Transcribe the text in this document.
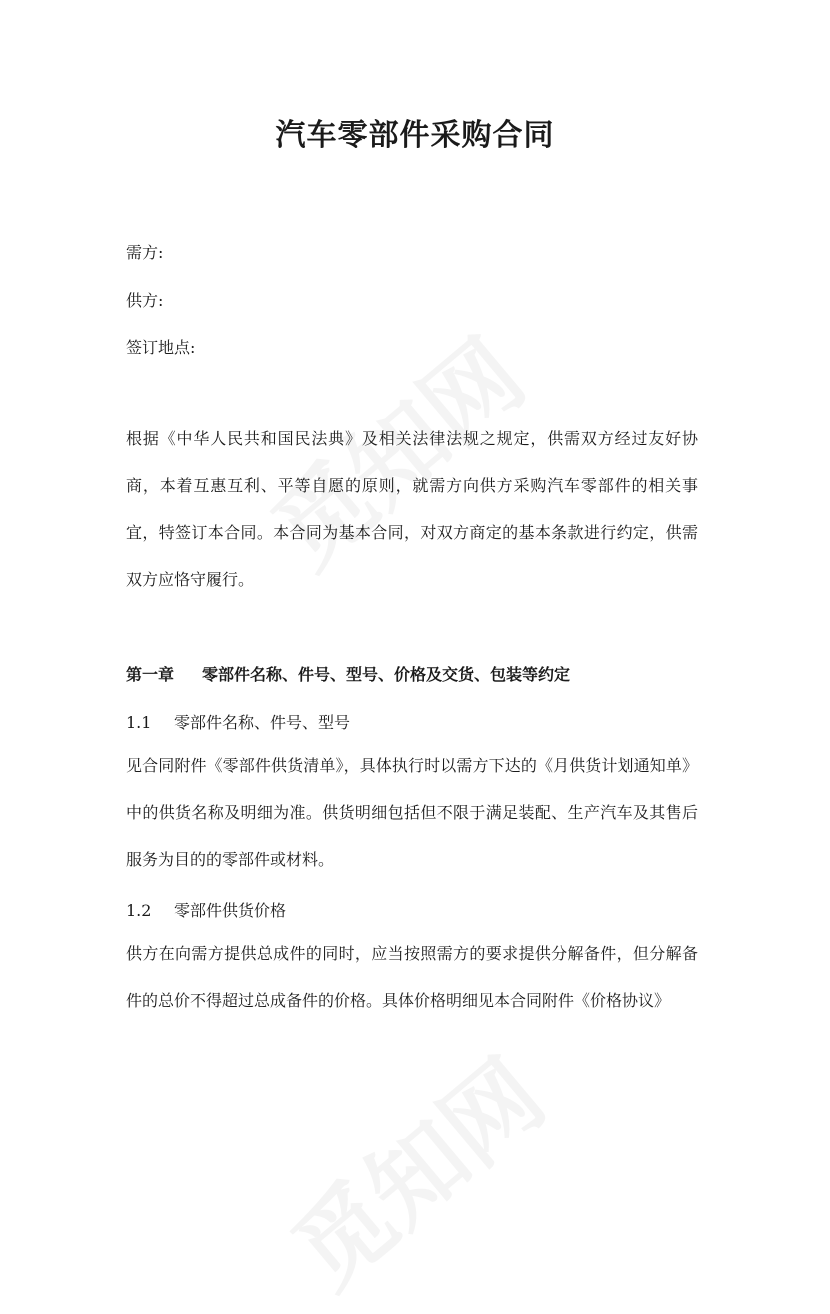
汽车零部件采购合同
需方:
供方:
签订地点:

根据《中华人民共和国民法典》及相关法律法规之规定，供需双方经过友好协商，本着互惠互利、平等自愿的原则，就需方向供方采购汽车零部件的相关事宜，特签订本合同。本合同为基本合同，对双方商定的基本条款进行约定，供需双方应恪守履行。

第一章 零部件名称、件号、型号、价格及交货、包装等约定
1.1 零部件名称、件号、型号

见合同附件《零部件供货清单》，具体执行时以需方下达的《月供货计划通知单》中的供货名称及明细为准。供货明细包括但不限于满足装配、生产汽车及其售后服务为目的的零部件或材料。

1.2 零部件供货价格

供方在向需方提供总成件的同时，应当按照需方的要求提供分解备件，但分解备件的总价不得超过总成备件的价格。具体价格明细见本合同附件《价格协议》
